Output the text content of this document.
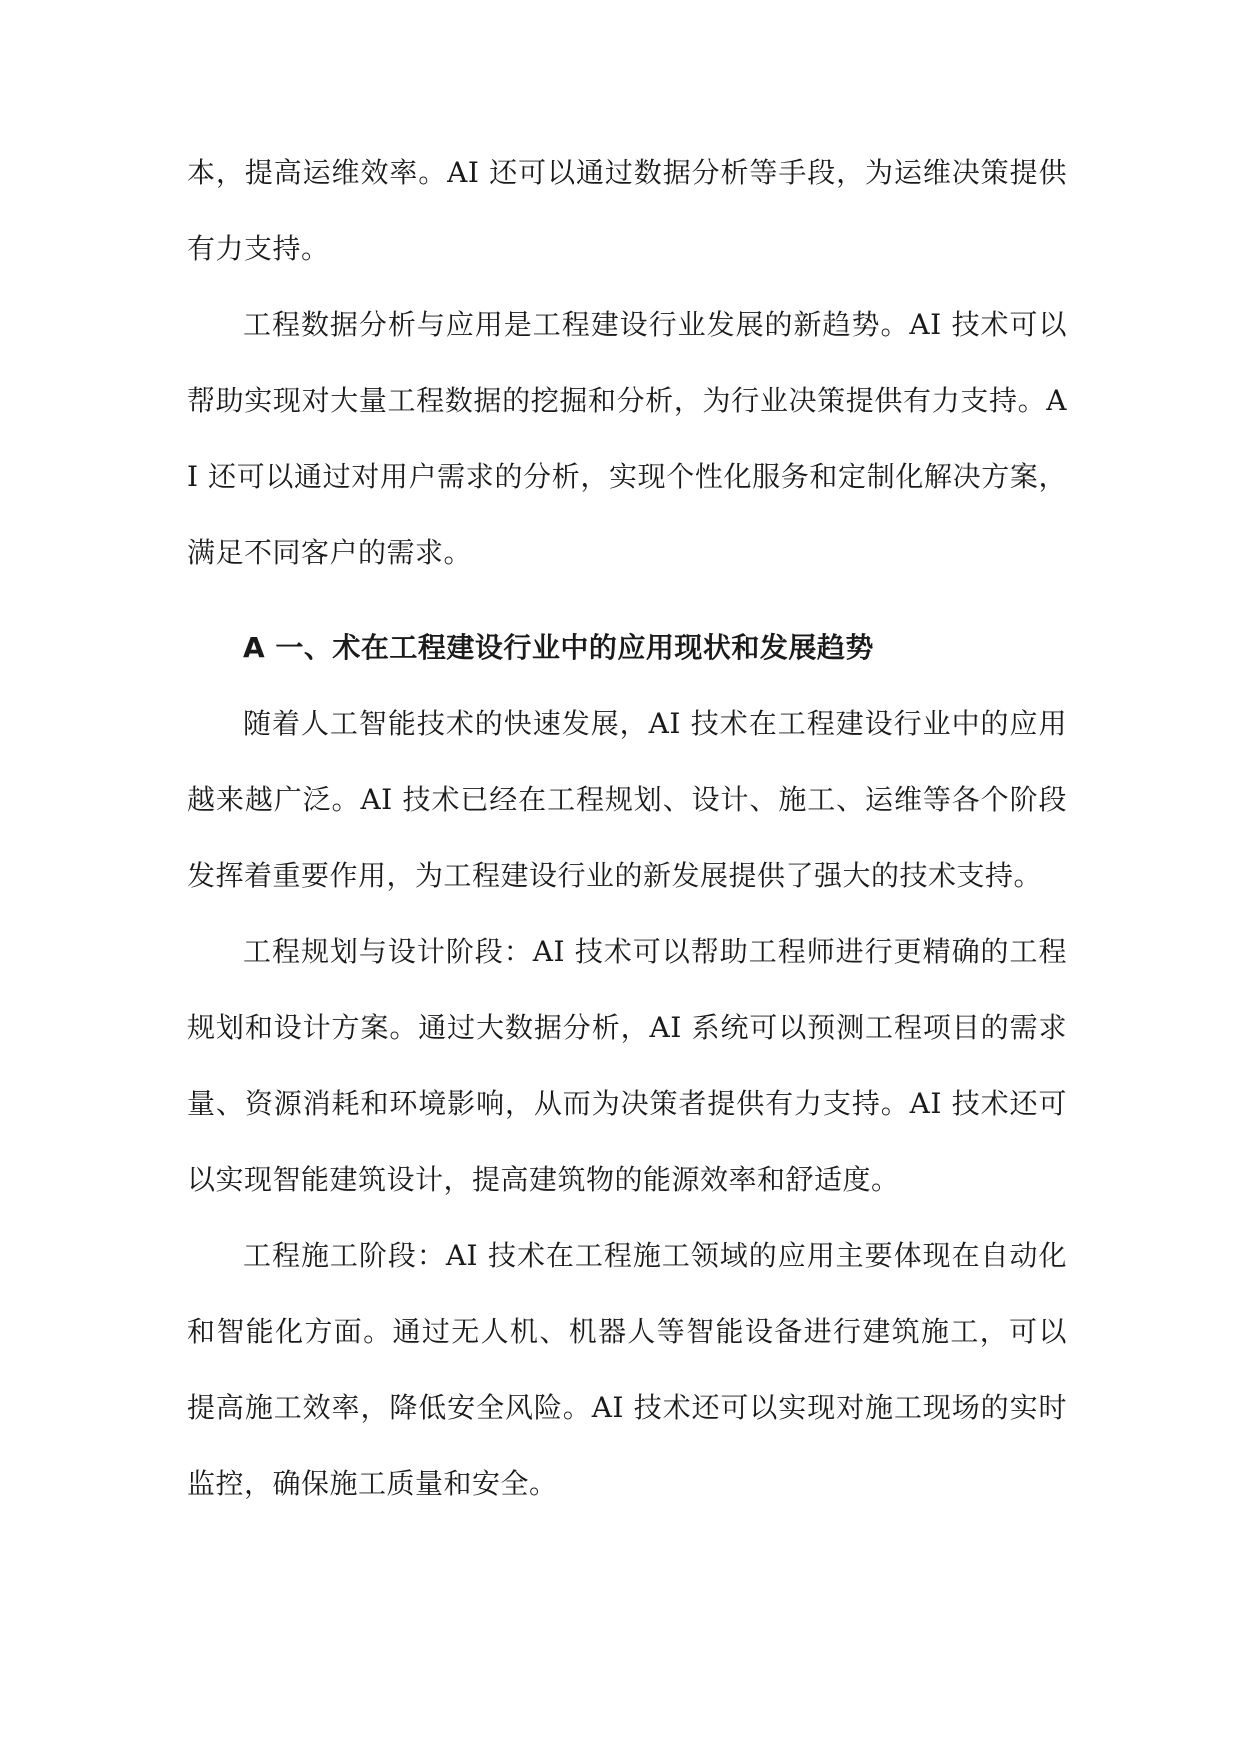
本，提高运维效率。AI 还可以通过数据分析等手段，为运维决策提供有力支持。

工程数据分析与应用是工程建设行业发展的新趋势。AI 技术可以帮助实现对大量工程数据的挖掘和分析，为行业决策提供有力支持。AI 还可以通过对用户需求的分析，实现个性化服务和定制化解决方案，满足不同客户的需求。

A 一、术在工程建设行业中的应用现状和发展趋势

随着人工智能技术的快速发展，AI 技术在工程建设行业中的应用越来越广泛。AI 技术已经在工程规划、设计、施工、运维等各个阶段发挥着重要作用，为工程建设行业的新发展提供了强大的技术支持。

工程规划与设计阶段：AI 技术可以帮助工程师进行更精确的工程规划和设计方案。通过大数据分析，AI 系统可以预测工程项目的需求量、资源消耗和环境影响，从而为决策者提供有力支持。AI 技术还可以实现智能建筑设计，提高建筑物的能源效率和舒适度。

工程施工阶段：AI 技术在工程施工领域的应用主要体现在自动化和智能化方面。通过无人机、机器人等智能设备进行建筑施工，可以提高施工效率，降低安全风险。AI 技术还可以实现对施工现场的实时监控，确保施工质量和安全。
